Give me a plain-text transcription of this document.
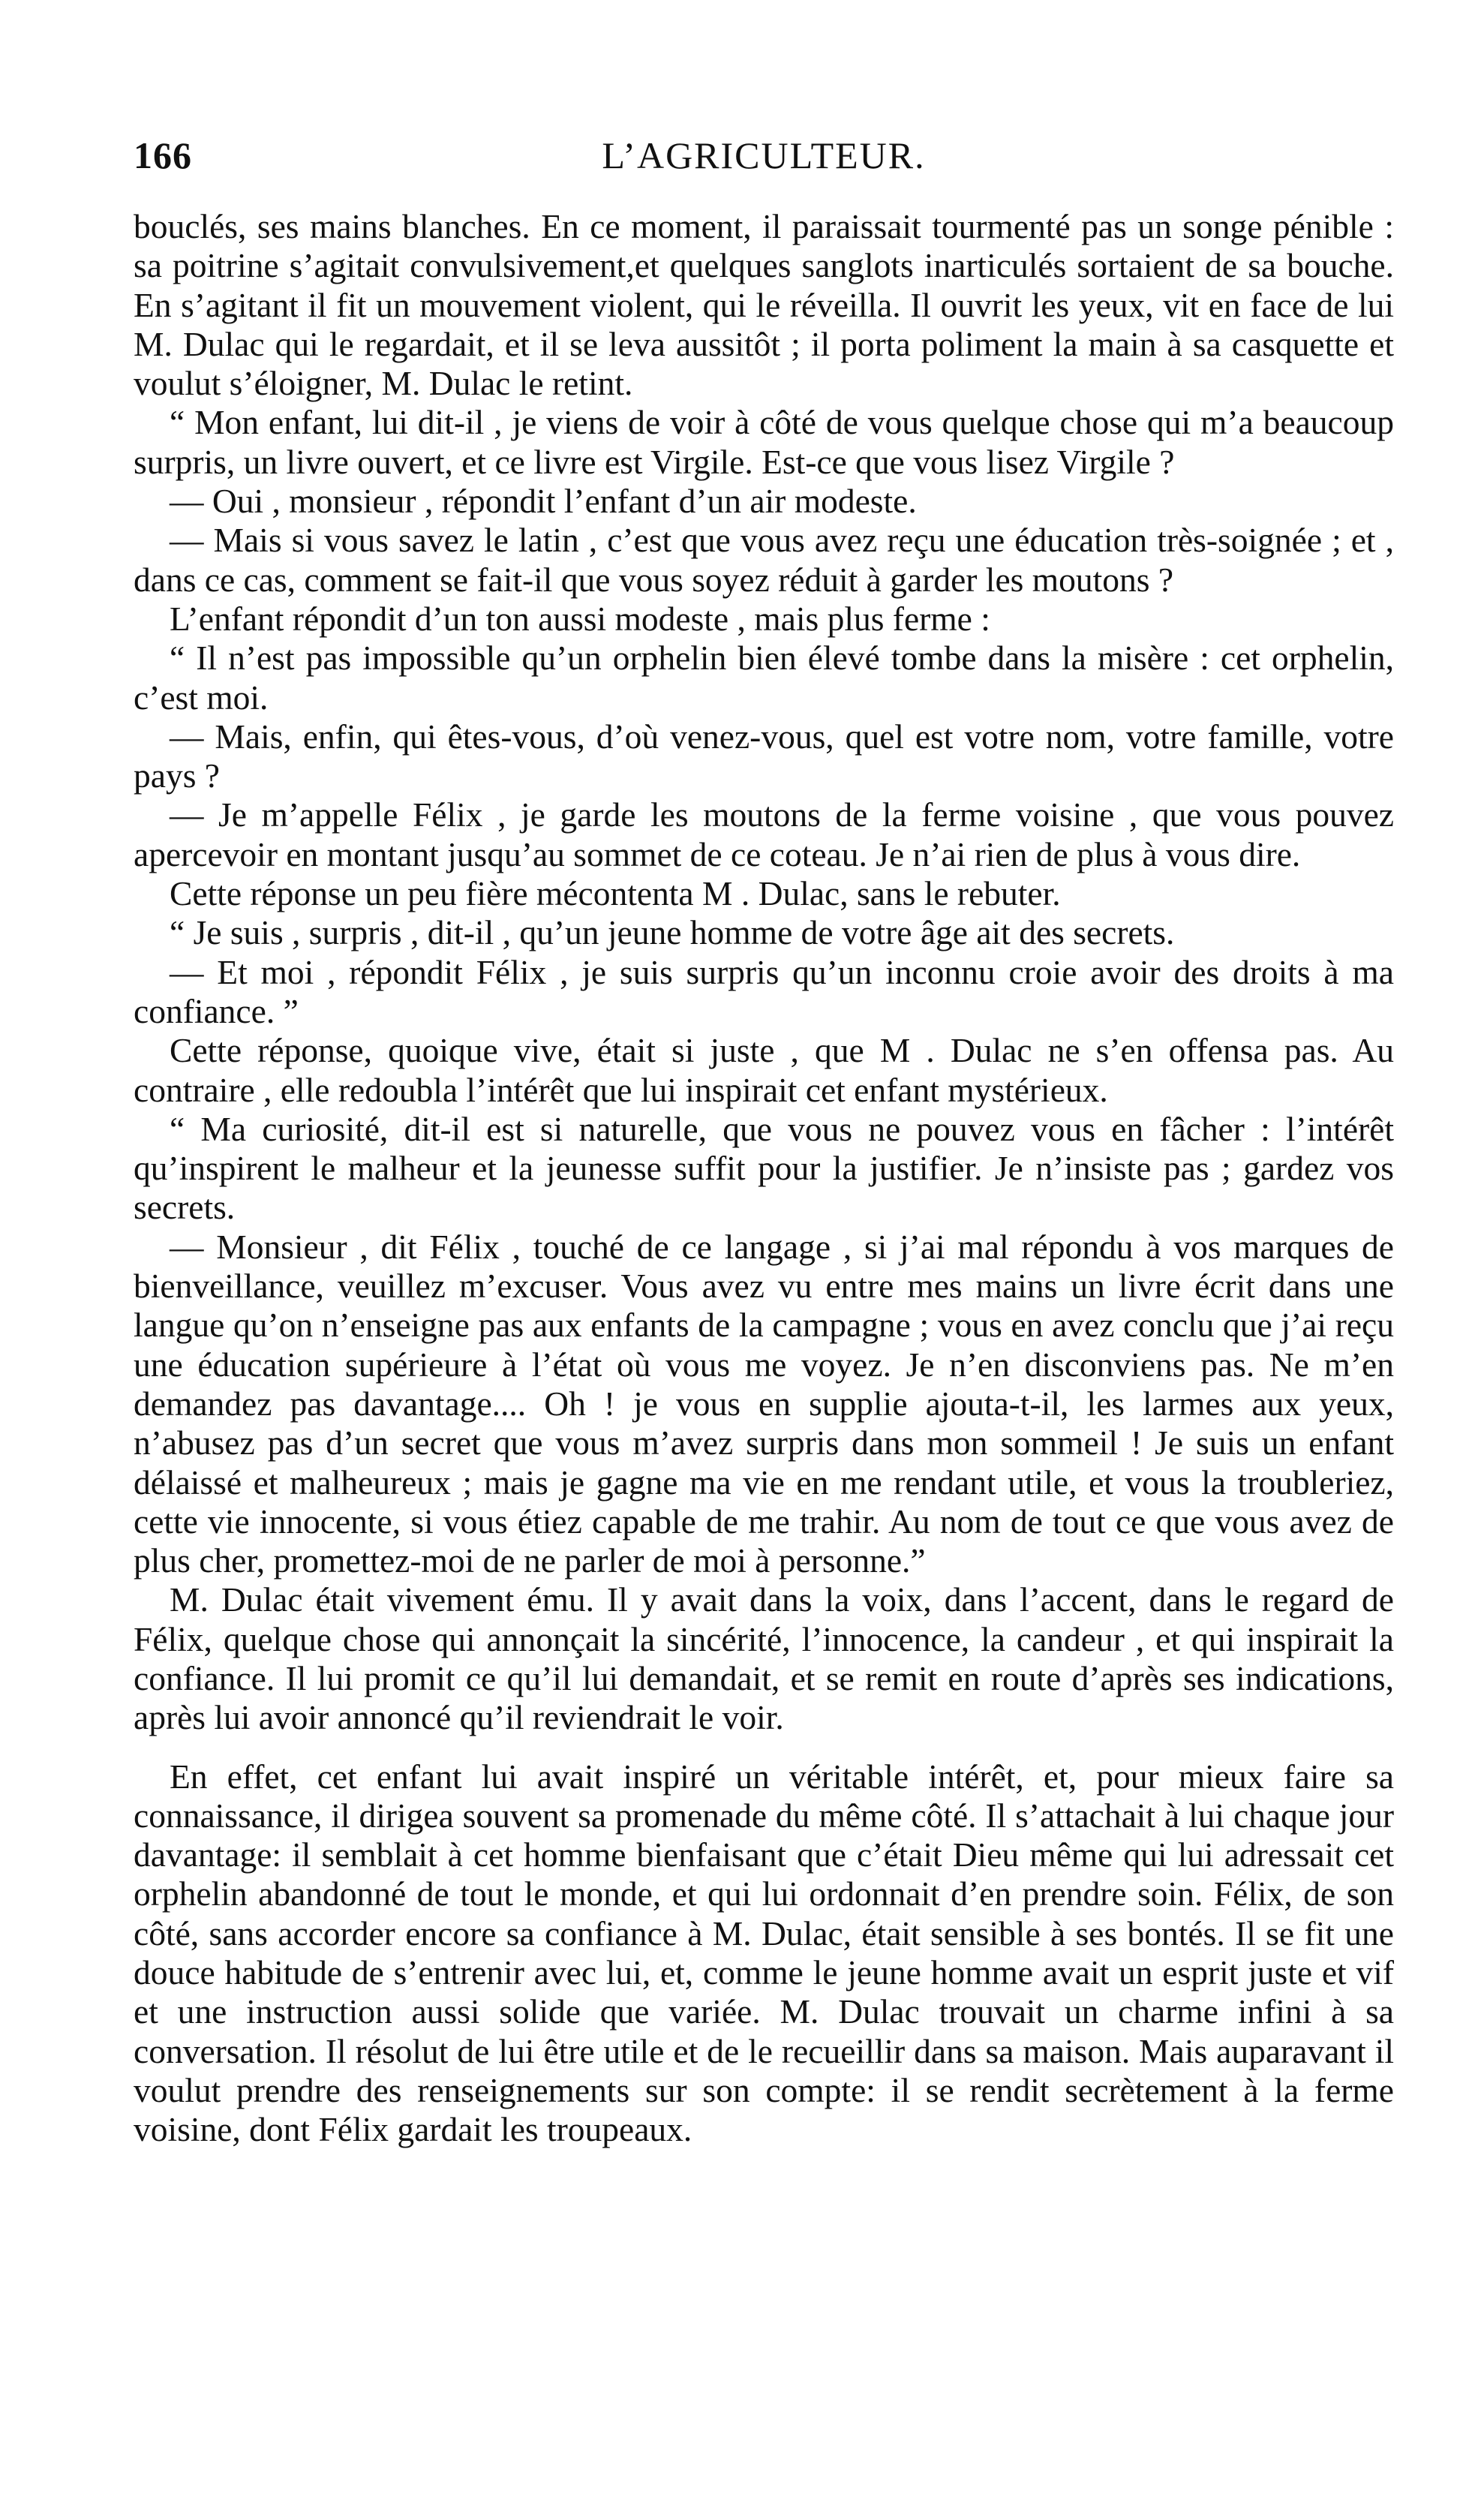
166	L’AGRICULTEUR.

bouclés, ses mains blanches. En ce moment, il paraissait tourmenté pas un songe pénible : sa poitrine s’agitait convulsivement,et quelques sanglots inarticulés sortaient de sa bouche. En s’agitant il fit un mouvement violent, qui le réveilla. Il ouvrit les yeux, vit en face de lui M. Dulac qui le regardait, et il se leva aussitôt ; il porta poliment la main à sa casquette et voulut s’éloigner, M. Dulac le retint.

“ Mon enfant, lui dit-il , je viens de voir à côté de vous quelque chose qui m’a beaucoup surpris, un livre ouvert, et ce livre est Virgile. Est-ce que vous lisez Virgile ?

— Oui , monsieur , répondit l’enfant d’un air modeste.

— Mais si vous savez le latin , c’est que vous avez reçu une éducation très-soignée ; et , dans ce cas, comment se fait-il que vous soyez réduit à garder les moutons ?

L’enfant répondit d’un ton aussi modeste , mais plus ferme :

“ Il n’est pas impossible qu’un orphelin bien élevé tombe dans la misère : cet orphelin, c’est moi.

— Mais, enfin, qui êtes-vous, d’où venez-vous, quel est votre nom, votre famille, votre pays ?

— Je m’appelle Félix , je garde les moutons de la ferme voisine , que vous pouvez apercevoir en montant jusqu’au sommet de ce coteau. Je n’ai rien de plus à vous dire.

Cette réponse un peu fière mécontenta M . Dulac, sans le rebuter.

“ Je suis , surpris , dit-il , qu’un jeune homme de votre âge ait des secrets.

— Et moi , répondit Félix , je suis surpris qu’un inconnu croie avoir des droits à ma confiance. ”

Cette réponse, quoique vive, était si juste , que M . Dulac ne s’en offensa pas. Au contraire , elle redoubla l’intérêt que lui inspirait cet enfant mystérieux.

“ Ma curiosité, dit-il est si naturelle, que vous ne pouvez vous en fâcher : l’intérêt qu’inspirent le malheur et la jeunesse suffit pour la justifier. Je n’insiste pas ; gardez vos secrets.

— Monsieur , dit Félix , touché de ce langage , si j’ai mal répondu à vos marques de bienveillance, veuillez m’excuser. Vous avez vu entre mes mains un livre écrit dans une langue qu’on n’enseigne pas aux enfants de la campagne ; vous en avez conclu que j’ai reçu une éducation supérieure à l’état où vous me voyez. Je n’en disconviens pas. Ne m’en demandez pas davantage.... Oh ! je vous en supplie ajouta-t-il, les larmes aux yeux, n’abusez pas d’un secret que vous m’avez surpris dans mon sommeil ! Je suis un enfant délaissé et malheureux ; mais je gagne ma vie en me rendant utile, et vous la troubleriez, cette vie innocente, si vous étiez capable de me trahir. Au nom de tout ce que vous avez de plus cher, promettez-moi de ne parler de moi à personne.”

M. Dulac était vivement ému. Il y avait dans la voix, dans l’accent, dans le regard de Félix, quelque chose qui annonçait la sincérité, l’innocence, la candeur , et qui inspirait la confiance. Il lui promit ce qu’il lui demandait, et se remit en route d’après ses indications, après lui avoir annoncé qu’il reviendrait le voir.

En effet, cet enfant lui avait inspiré un véritable intérêt, et, pour mieux faire sa connaissance, il dirigea souvent sa promenade du même côté. Il s’attachait à lui chaque jour davantage: il semblait à cet homme bienfaisant que c’était Dieu même qui lui adressait cet orphelin abandonné de tout le monde, et qui lui ordonnait d’en prendre soin. Félix, de son côté, sans accorder encore sa confiance à M. Dulac, était sensible à ses bontés. Il se fit une douce habitude de s’entrenir avec lui, et, comme le jeune homme avait un esprit juste et vif et une instruction aussi solide que variée. M. Dulac trouvait un charme infini à sa conversation. Il résolut de lui être utile et de le recueillir dans sa maison. Mais auparavant il voulut prendre des renseignements sur son compte: il se rendit secrètement à la ferme voisine, dont Félix gardait les troupeaux.
